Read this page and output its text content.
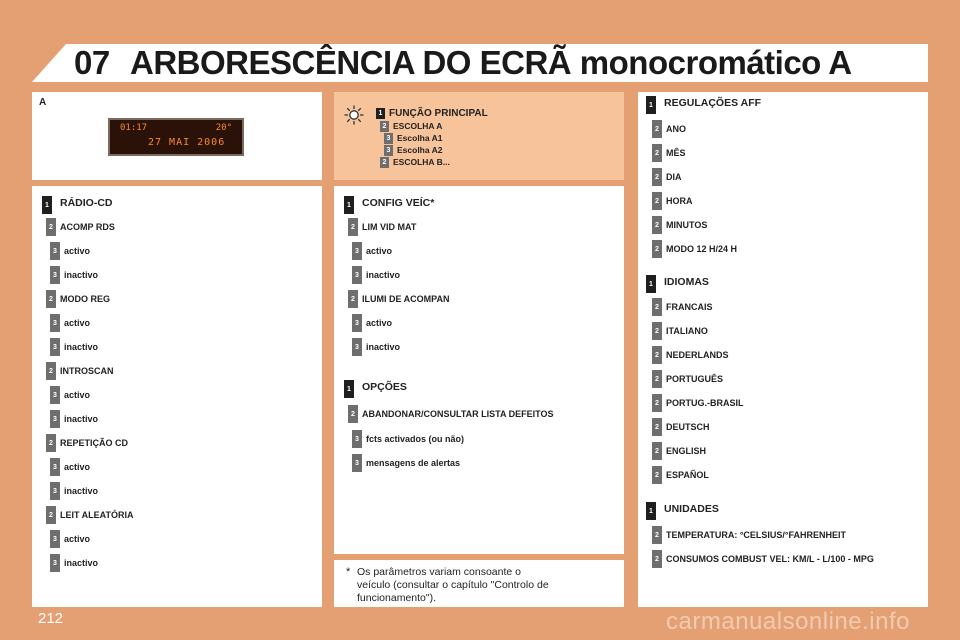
07 ARBORESCÊNCIA DO ECRÃ monocromático A
A
01:17	20°
27 MAI 2006
1 FUNÇÃO PRINCIPAL
2 ESCOLHA A
3 Escolha A1
3 Escolha A2
2 ESCOLHA B...
1 RÁDIO-CD
2 ACOMP RDS
3 activo
3 inactivo
2 MODO REG
3 activo
3 inactivo
2 INTROSCAN
3 activo
3 inactivo
2 REPETIÇÃO CD
3 activo
3 inactivo
2 LEIT ALEATÓRIA
3 activo
3 inactivo
1 CONFIG VEÍC*
2 LIM VID MAT
3 activo
3 inactivo
2 ILUMI DE ACOMPAN
3 activo
3 inactivo
1 OPÇÕES
2 ABANDONAR/CONSULTAR LISTA DEFEITOS
3 fcts activados (ou não)
3 mensagens de alertas
* Os parâmetros variam consoante o
veículo (consultar o capítulo "Controlo de
funcionamento").
1 REGULAÇÕES AFF
2 ANO
2 MÊS
2 DIA
2 HORA
2 MINUTOS
2 MODO 12 H/24 H
1 IDIOMAS
2 FRANCAIS
2 ITALIANO
2 NEDERLANDS
2 PORTUGUÊS
2 PORTUG.-BRASIL
2 DEUTSCH
2 ENGLISH
2 ESPAÑOL
1 UNIDADES
2 TEMPERATURA: °CELSIUS/°FAHRENHEIT
2 CONSUMOS COMBUST VEL: KM/L - L/100 - MPG
212	carmanualsonline.info
